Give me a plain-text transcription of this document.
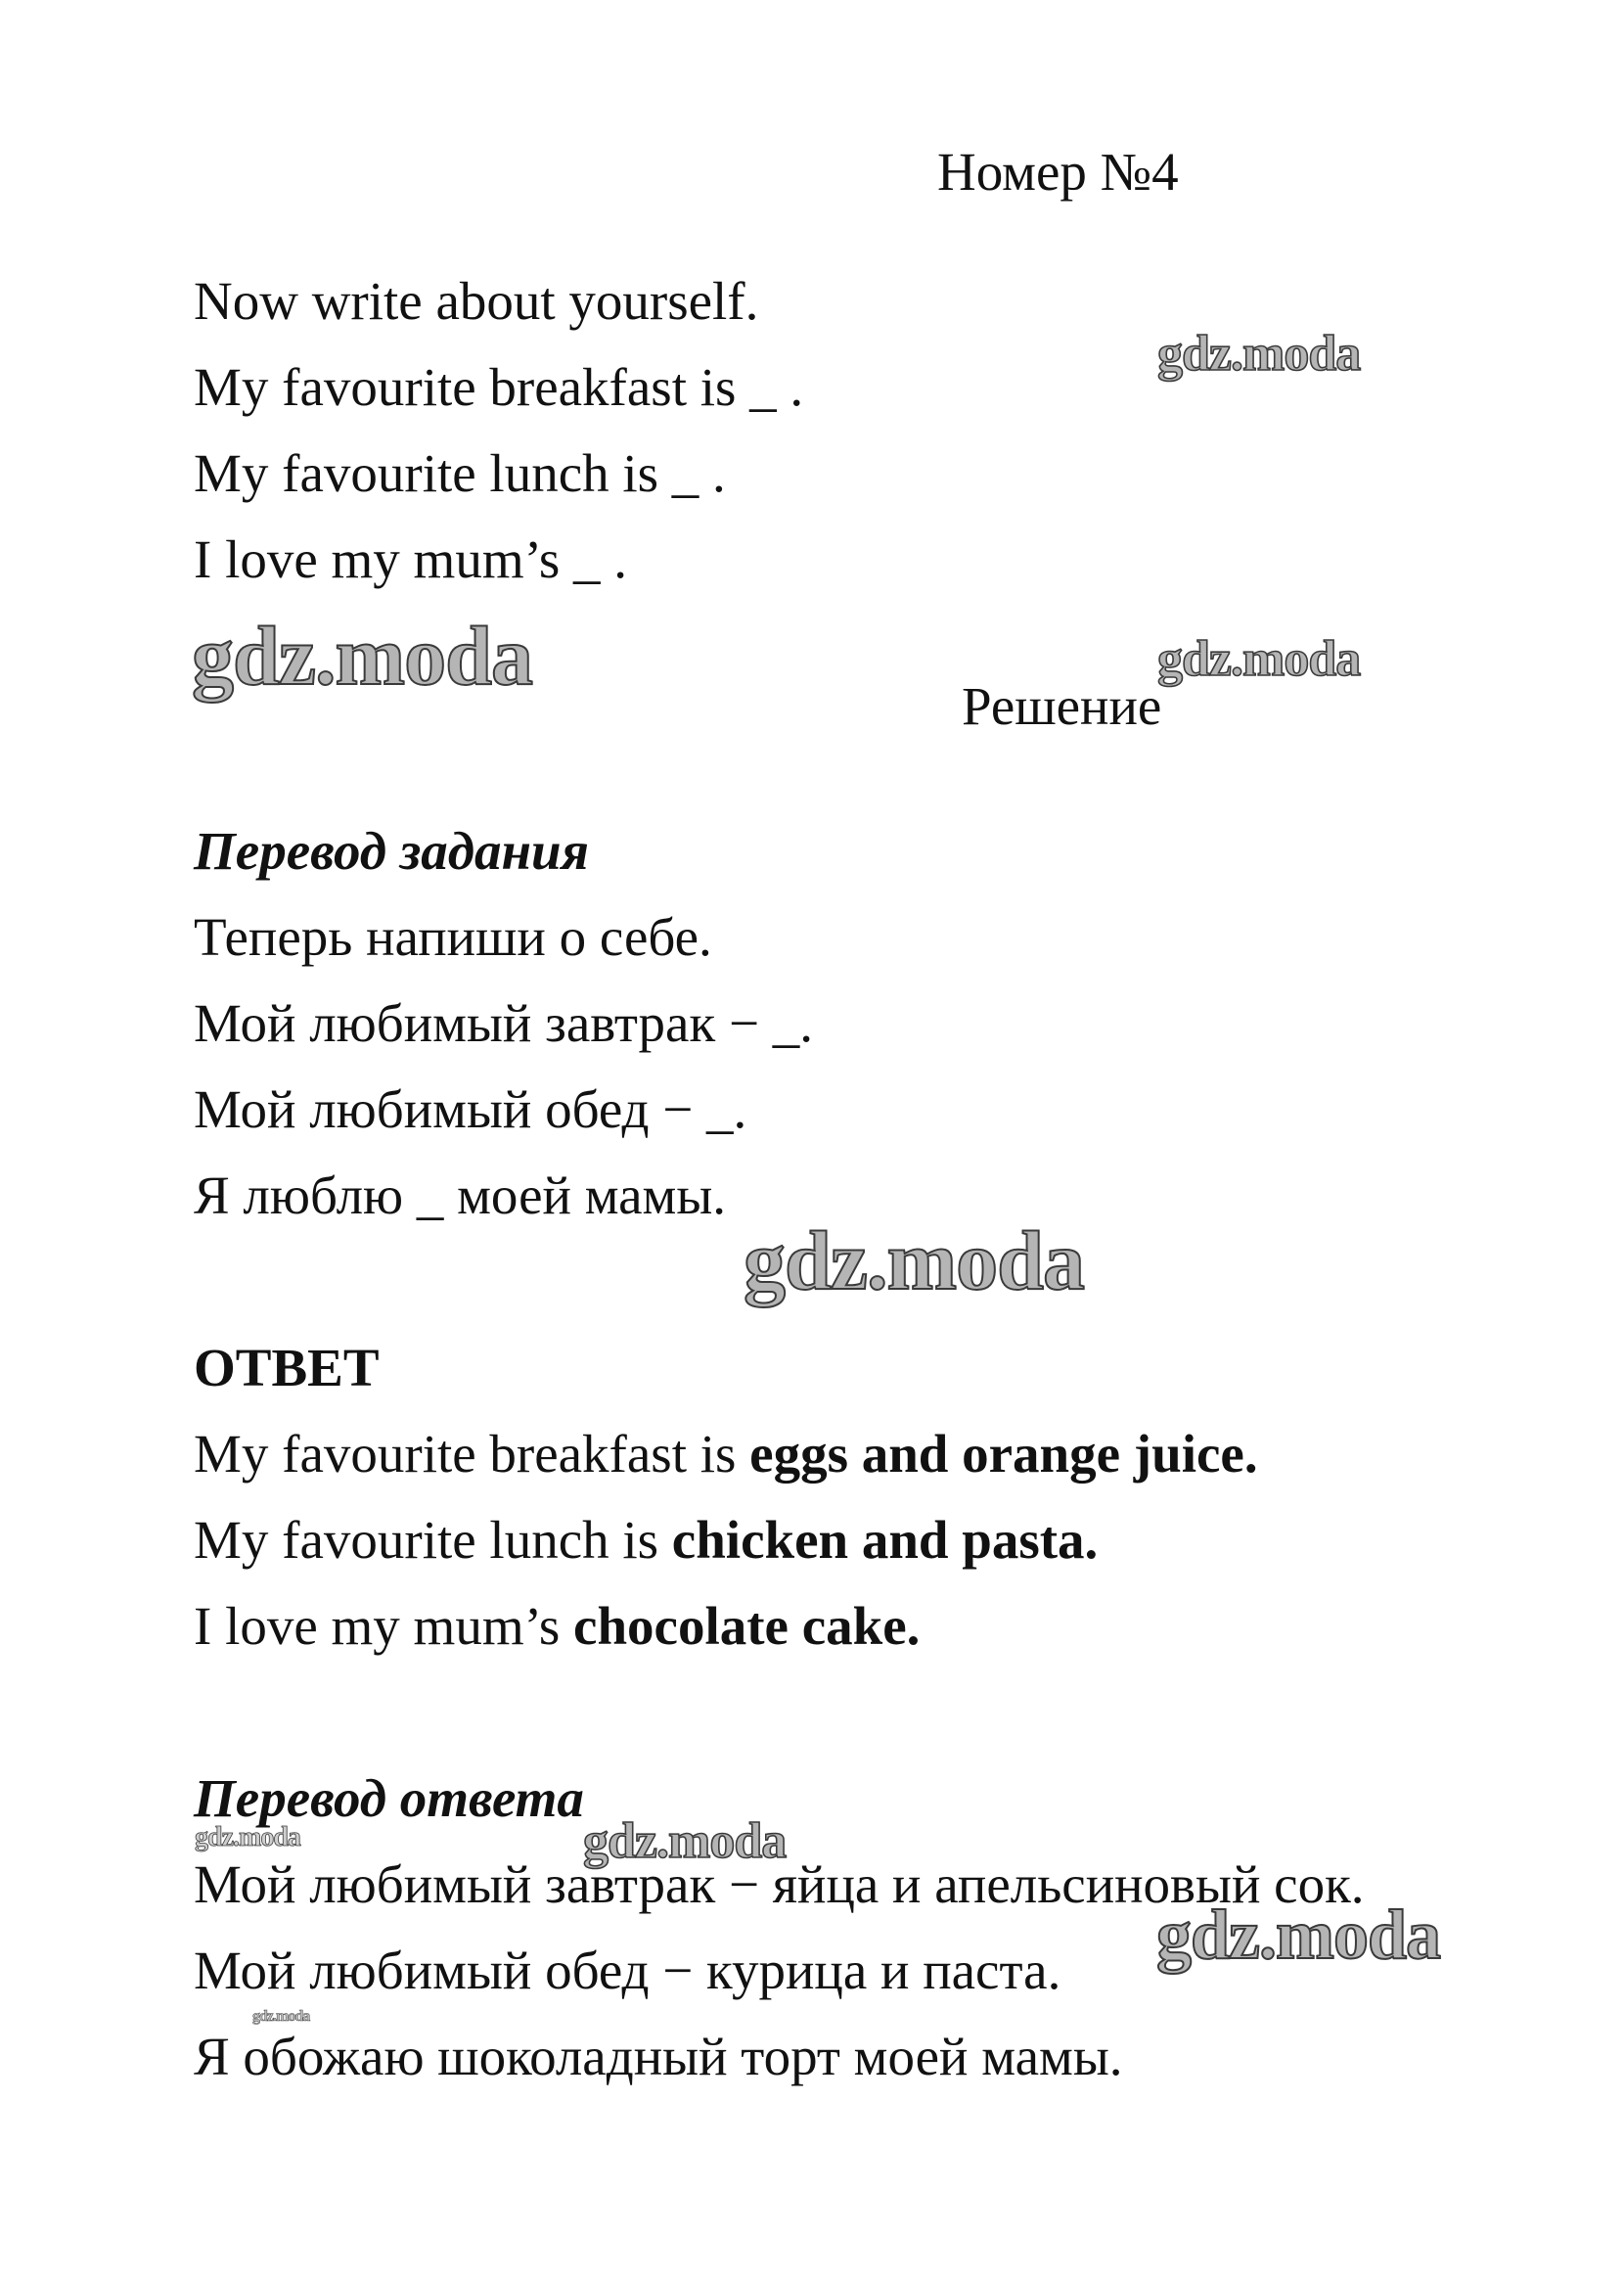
Номер №4
Now write about yourself.
My favourite breakfast is _ .
My favourite lunch is _ .
I love my mum’s _ .
Решение
Перевод задания
Теперь напиши о себе.
Мой любимый завтрак − _.
Мой любимый обед − _.
Я люблю _ моей мамы.
ОТВЕТ
My favourite breakfast is eggs and orange juice.
My favourite lunch is chicken and pasta.
I love my mum’s chocolate cake.
Перевод ответа
Мой любимый завтрак − яйца и апельсиновый сок.
Мой любимый обед − курица и паста.
Я обожаю шоколадный торт моей мамы.
gdz.moda
gdz.moda	gdz.moda
gdz.moda
gdz.moda	gdz.moda
gdz.moda
gdz.moda
